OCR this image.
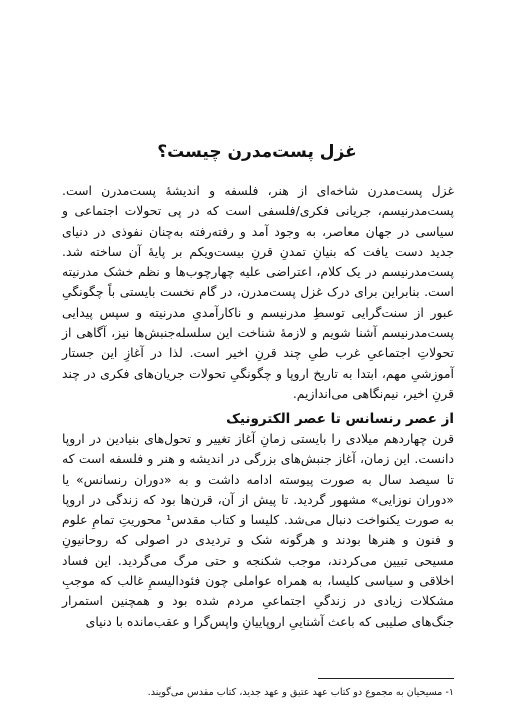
غزل پست‌مدرن چیست؟

غزل پست‌مدرن شاخه‌ای از هنر، فلسفه و اندیشهٔ پست‌مدرن است. پست‌مدرنیسم، جریانی فکری/فلسفی است که در پی تحولات اجتماعی و سیاسی در جهان معاصر، به وجود آمد و رفته‌رفته به‌چنان نفوذی در دنیای جدید دست یافت که بنیانِ تمدنِ قرنِ بیست‌ویکم بر پایهٔ آن ساخته شد. پست‌مدرنیسم در یک کلام، اعتراضی علیه چهارچوب‌ها و نظم خشک مدرنیته است. بنابراین برای درک غزل پست‌مدرن، در گام نخست بایستی باً چگونگیِ عبور از سنت‌گرایی توسطِ مدرنیسم و ناکارآمدیِ مدرنیته و سپس پیدایی پست‌مدرنیسم آشنا شویم و لازمهٔ شناخت این سلسله‌جنبش‌ها نیز، آگاهی از تحولاتِ اجتماعیِ غرب طیِ چند قرنِ اخیر است. لذا در آغازِ این جستار آموزشیِ مهم، ابتدا به تاریخ اروپا و چگونگیِ تحولات جریان‌های فکری در چند قرنِ اخیر، نیم‌نگاهی می‌اندازیم.

از عصر رنسانس تا عصر الکترونیک

قرن چهاردهم میلادی را بایستی زمانِ آغاز تغییر و تحول‌های بنیادین در اروپا دانست. این زمان، آغاز جنبش‌های بزرگی در اندیشه و هنر و فلسفه است که تا سیصد سال به صورت پیوسته ادامه داشت و به «دوران رنسانس» یا «دوران نوزایی» مشهور گردید. تا پیش از آن، قرن‌ها بود که زندگی در اروپا به صورت یکنواخت دنبال می‌شد. کلیسا و کتاب مقدس¹ محوریتِ تمامِ علوم و فنون و هنرها بودند و هرگونه شک و تردیدی در اصولی که روحانیونِ مسیحی تبیین می‌کردند، موجب شکنجه و حتی مرگ می‌گردید. این فساد اخلاقی و سیاسی کلیسا، به همراه عواملی چون فئودالیسمِ غالب که موجبِ مشکلات زیادی در زندگیِ اجتماعیِ مردم شده بود و همچنین استمرار جنگ‌های صلیبی که باعث آشناییِ اروپاییانِ واپس‌گرا و عقب‌مانده با دنیای

۱- مسیحیان به مجموع دو کتاب عهد عتیق و عهد جدید، کتاب مقدس می‌گویند.
